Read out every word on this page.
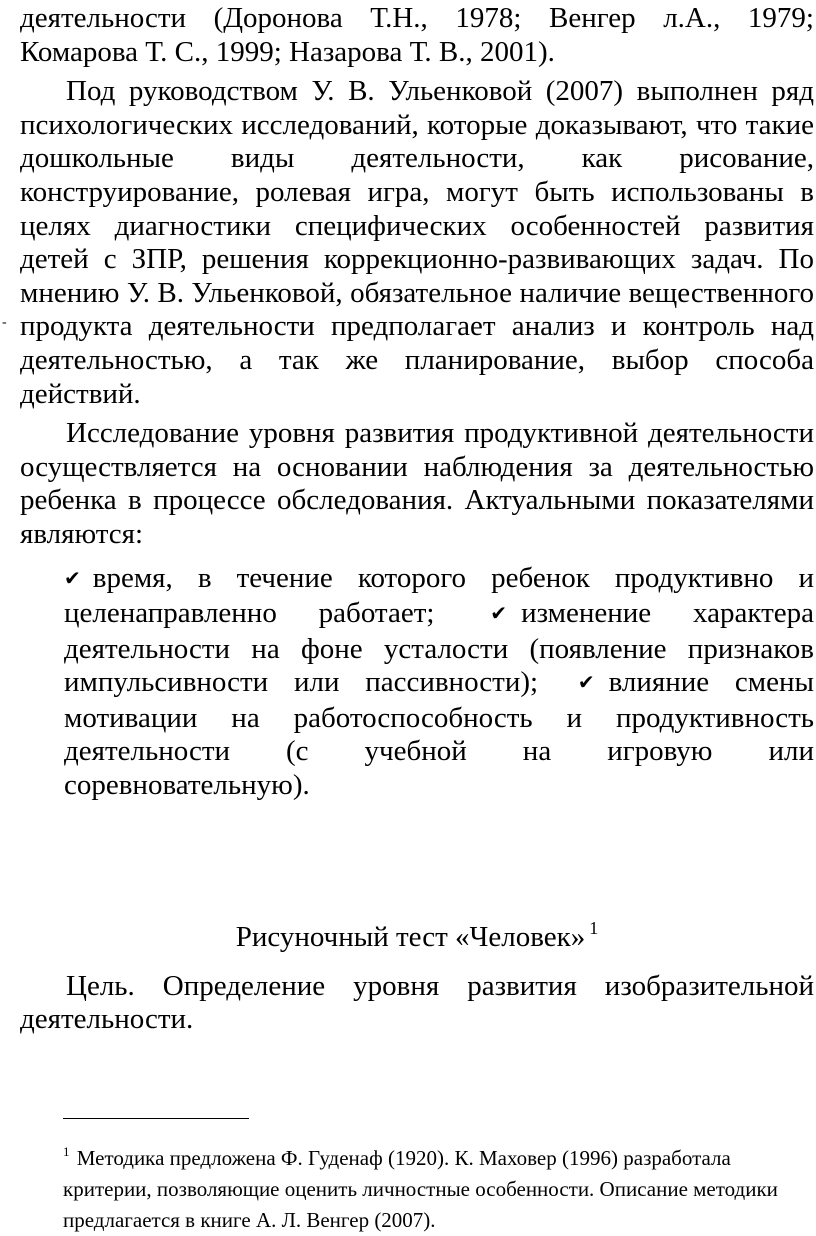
-

деятельности (Доронова Т.Н., 1978; Венгер л.А., 1979; Комарова Т. С., 1999; Назарова Т. В., 2001).

Под руководством У. В. Ульенковой (2007) выполнен ряд психологических исследований, которые доказывают, что такие дошкольные виды деятельности, как рисование, конструирование, ролевая игра, могут быть использованы в целях диагностики специфических особенностей развития детей с ЗПР, решения коррекционно-развивающих задач. По мнению У. В. Ульенковой, обязательное наличие вещественного продукта деятельности предполагает анализ и контроль над деятельностью, а так же планирование, выбор способа действий.

Исследование уровня развития продуктивной деятельности осуществляется на основании наблюдения за деятельностью ребенка в процессе обследования. Актуальными показателями являются:

✔ время, в течение которого ребенок продуктивно и целенаправленно работает;	✔ изменение характера деятельности на фоне усталости (появление признаков импульсивности или пассивности); ✔ влияние смены мотивации на работоспособность и продуктивность деятельности (с учебной на игровую или соревновательную).
Рисуночный тест «Человек» $^1$

Цель. Определение уровня развития изобразительной деятельности.

$^1$ Методика предложена Ф. Гуденаф (1920). К. Маховер (1996) разработала критерии, позволяющие оценить личностные особенности. Описание методики предлагается в книге А. Л. Венгер (2007).
